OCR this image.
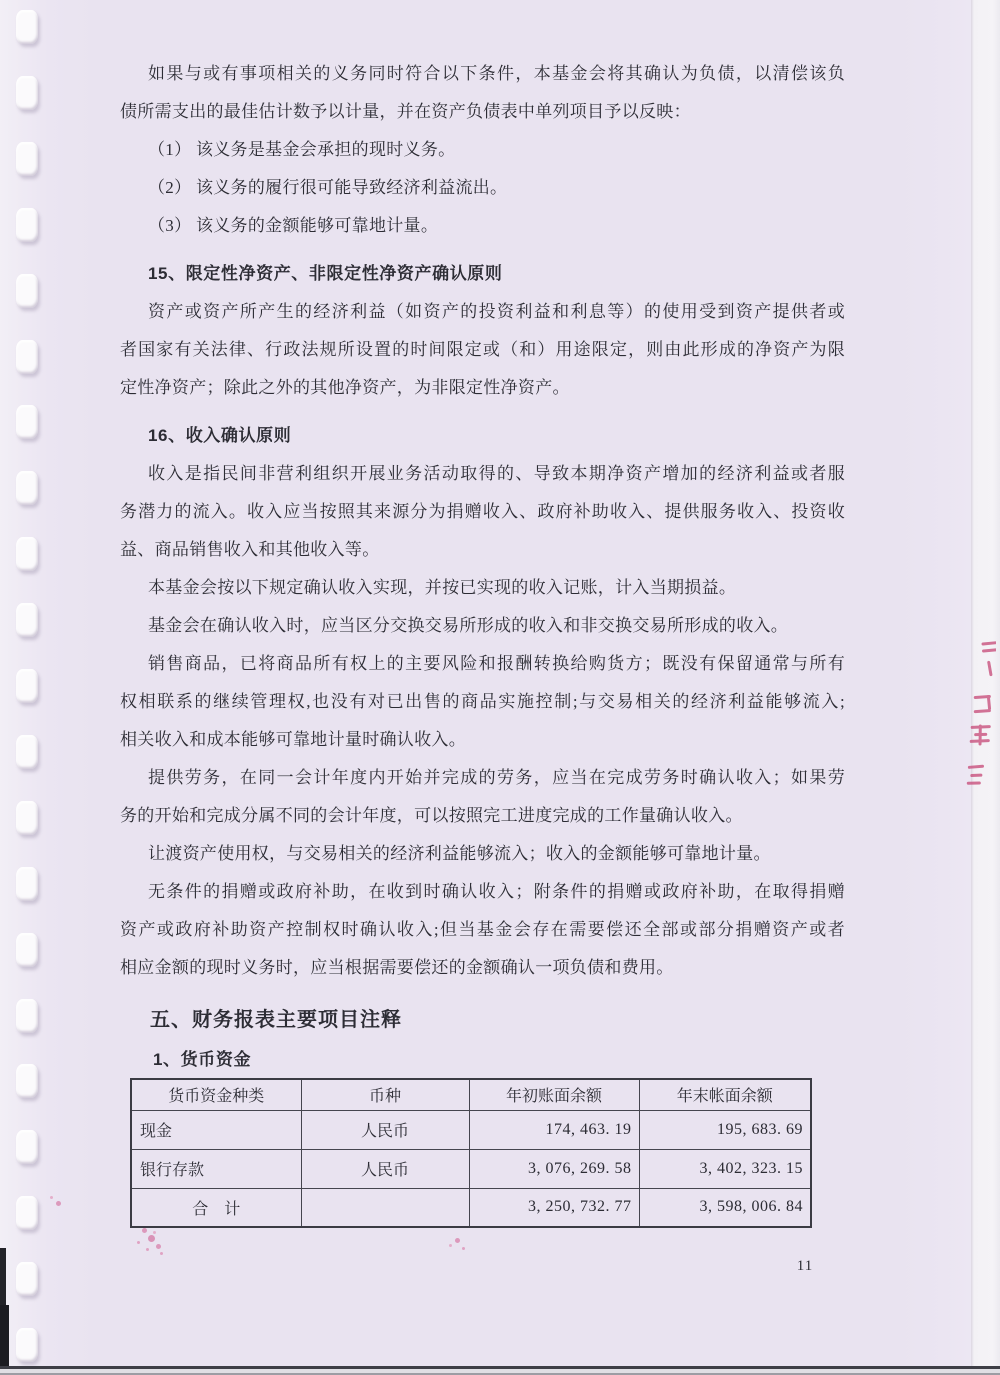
如果与或有事项相关的义务同时符合以下条件，本基金会将其确认为负债，以清偿该负
债所需支出的最佳估计数予以计量，并在资产负债表中单列项目予以反映：
（1） 该义务是基金会承担的现时义务。
（2） 该义务的履行很可能导致经济利益流出。
（3） 该义务的金额能够可靠地计量。
15、限定性净资产、非限定性净资产确认原则
资产或资产所产生的经济利益（如资产的投资利益和利息等）的使用受到资产提供者或
者国家有关法律、行政法规所设置的时间限定或（和）用途限定，则由此形成的净资产为限
定性净资产；除此之外的其他净资产，为非限定性净资产。
16、收入确认原则
收入是指民间非营利组织开展业务活动取得的、导致本期净资产增加的经济利益或者服
务潜力的流入。收入应当按照其来源分为捐赠收入、政府补助收入、提供服务收入、投资收
益、商品销售收入和其他收入等。
本基金会按以下规定确认收入实现，并按已实现的收入记账，计入当期损益。
基金会在确认收入时，应当区分交换交易所形成的收入和非交换交易所形成的收入。
销售商品，已将商品所有权上的主要风险和报酬转换给购货方；既没有保留通常与所有
权相联系的继续管理权,也没有对已出售的商品实施控制;与交易相关的经济利益能够流入;
相关收入和成本能够可靠地计量时确认收入。
提供劳务，在同一会计年度内开始并完成的劳务，应当在完成劳务时确认收入；如果劳
务的开始和完成分属不同的会计年度，可以按照完工进度完成的工作量确认收入。
让渡资产使用权，与交易相关的经济利益能够流入；收入的金额能够可靠地计量。
无条件的捐赠或政府补助，在收到时确认收入；附条件的捐赠或政府补助，在取得捐赠
资产或政府补助资产控制权时确认收入;但当基金会存在需要偿还全部或部分捐赠资产或者
相应金额的现时义务时，应当根据需要偿还的金额确认一项负债和费用。
五、财务报表主要项目注释
1、货币资金
货币资金种类	币种	年初账面余额	年末帐面余额
现金	人民币	174, 463. 19	195, 683. 69
银行存款	人民币	3, 076, 269. 58	3, 402, 323. 15
合　计		3, 250, 732. 77	3, 598, 006. 84
11
